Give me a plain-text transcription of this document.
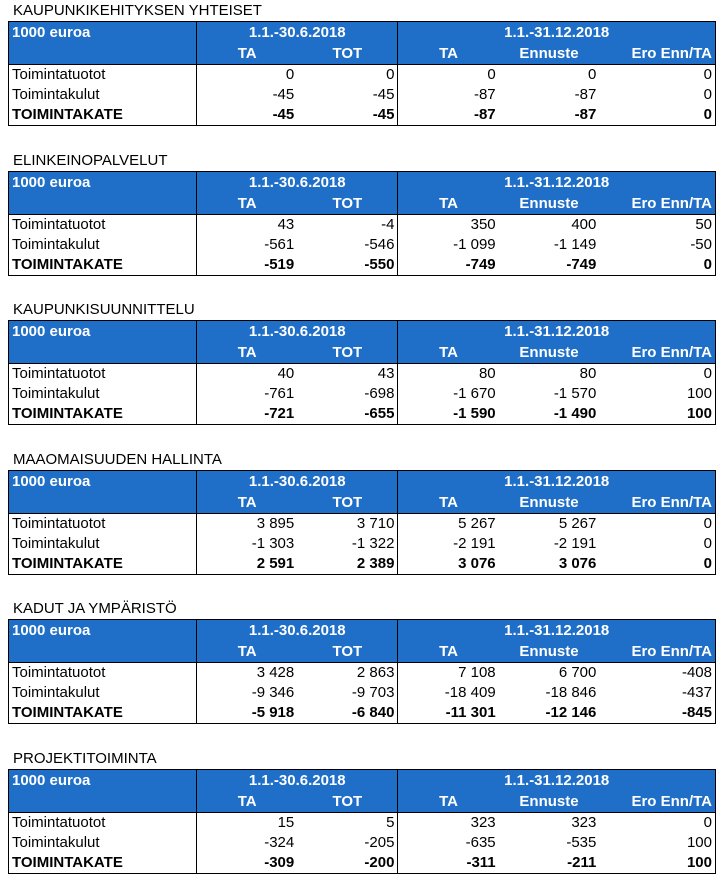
KAUPUNKIKEHITYKSEN YHTEISET
1000 euroa	1.1.-30.6.2018		1.1.-31.12.2018		
	TA	TOT	TA	Ennuste	Ero Enn/TA
Toimintatuotot	0	0	0	0	0
Toimintakulut	-45	-45	-87	-87	0
TOIMINTAKATE	-45	-45	-87	-87	0
ELINKEINOPALVELUT
1000 euroa	1.1.-30.6.2018		1.1.-31.12.2018		
	TA	TOT	TA	Ennuste	Ero Enn/TA
Toimintatuotot	43	-4	350	400	50
Toimintakulut	-561	-546	-1 099	-1 149	-50
TOIMINTAKATE	-519	-550	-749	-749	0
KAUPUNKISUUNNITTELU
1000 euroa	1.1.-30.6.2018		1.1.-31.12.2018		
	TA	TOT	TA	Ennuste	Ero Enn/TA
Toimintatuotot	40	43	80	80	0
Toimintakulut	-761	-698	-1 670	-1 570	100
TOIMINTAKATE	-721	-655	-1 590	-1 490	100
MAAOMAISUUDEN HALLINTA
1000 euroa	1.1.-30.6.2018		1.1.-31.12.2018		
	TA	TOT	TA	Ennuste	Ero Enn/TA
Toimintatuotot	3 895	3 710	5 267	5 267	0
Toimintakulut	-1 303	-1 322	-2 191	-2 191	0
TOIMINTAKATE	2 591	2 389	3 076	3 076	0
KADUT JA YMPÄRISTÖ
1000 euroa	1.1.-30.6.2018		1.1.-31.12.2018		
	TA	TOT	TA	Ennuste	Ero Enn/TA
Toimintatuotot	3 428	2 863	7 108	6 700	-408
Toimintakulut	-9 346	-9 703	-18 409	-18 846	-437
TOIMINTAKATE	-5 918	-6 840	-11 301	-12 146	-845
PROJEKTITOIMINTA
1000 euroa	1.1.-30.6.2018		1.1.-31.12.2018		
	TA	TOT	TA	Ennuste	Ero Enn/TA
Toimintatuotot	15	5	323	323	0
Toimintakulut	-324	-205	-635	-535	100
TOIMINTAKATE	-309	-200	-311	-211	100
